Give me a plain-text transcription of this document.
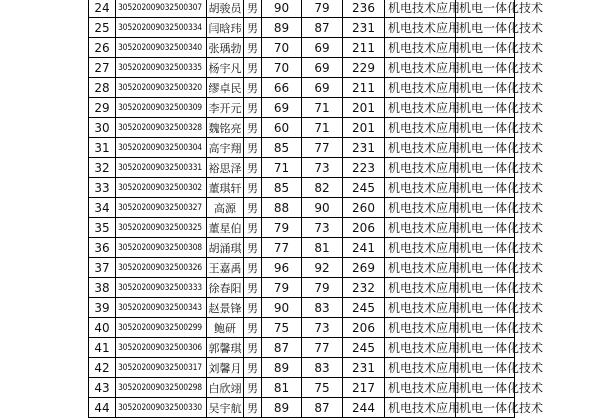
24	305202009032500307	胡骏员	男	90	79	236	机电技术应用	机电一体化技术
25	305202009032500334	闫晗玮	男	89	87	231	机电技术应用	机电一体化技术
26	305202009032500340	张瑀勃	男	70	69	211	机电技术应用	机电一体化技术
27	305202009032500335	杨宇凡	男	70	69	229	机电技术应用	机电一体化技术
28	305202009032500320	缪卓民	男	66	69	211	机电技术应用	机电一体化技术
29	305202009032500309	李开元	男	69	71	201	机电技术应用	机电一体化技术
30	305202009032500328	魏铭亮	男	60	71	201	机电技术应用	机电一体化技术
31	305202009032500304	高宇翔	男	85	77	231	机电技术应用	机电一体化技术
32	305202009032500331	裕思泽	男	71	73	223	机电技术应用	机电一体化技术
33	305202009032500302	董琪轩	男	85	82	245	机电技术应用	机电一体化技术
34	305202009032500327	高源	男	88	90	260	机电技术应用	机电一体化技术
35	305202009032500325	董星伯	男	79	73	206	机电技术应用	机电一体化技术
36	305202009032500308	胡涌琪	男	77	81	241	机电技术应用	机电一体化技术
37	305202009032500326	王嘉禹	男	96	92	269	机电技术应用	机电一体化技术
38	305202009032500333	徐春阳	男	79	79	232	机电技术应用	机电一体化技术
39	305202009032500343	赵景锋	男	90	83	245	机电技术应用	机电一体化技术
40	305202009032500299	鲍研	男	75	73	206	机电技术应用	机电一体化技术
41	305202009032500306	郭馨琪	男	87	77	245	机电技术应用	机电一体化技术
42	305202009032500317	刘馨月	男	89	83	231	机电技术应用	机电一体化技术
43	305202009032500298	白欣翊	男	81	75	217	机电技术应用	机电一体化技术
44	305202009032500330	吴宇航	男	89	87	244	机电技术应用	机电一体化技术
